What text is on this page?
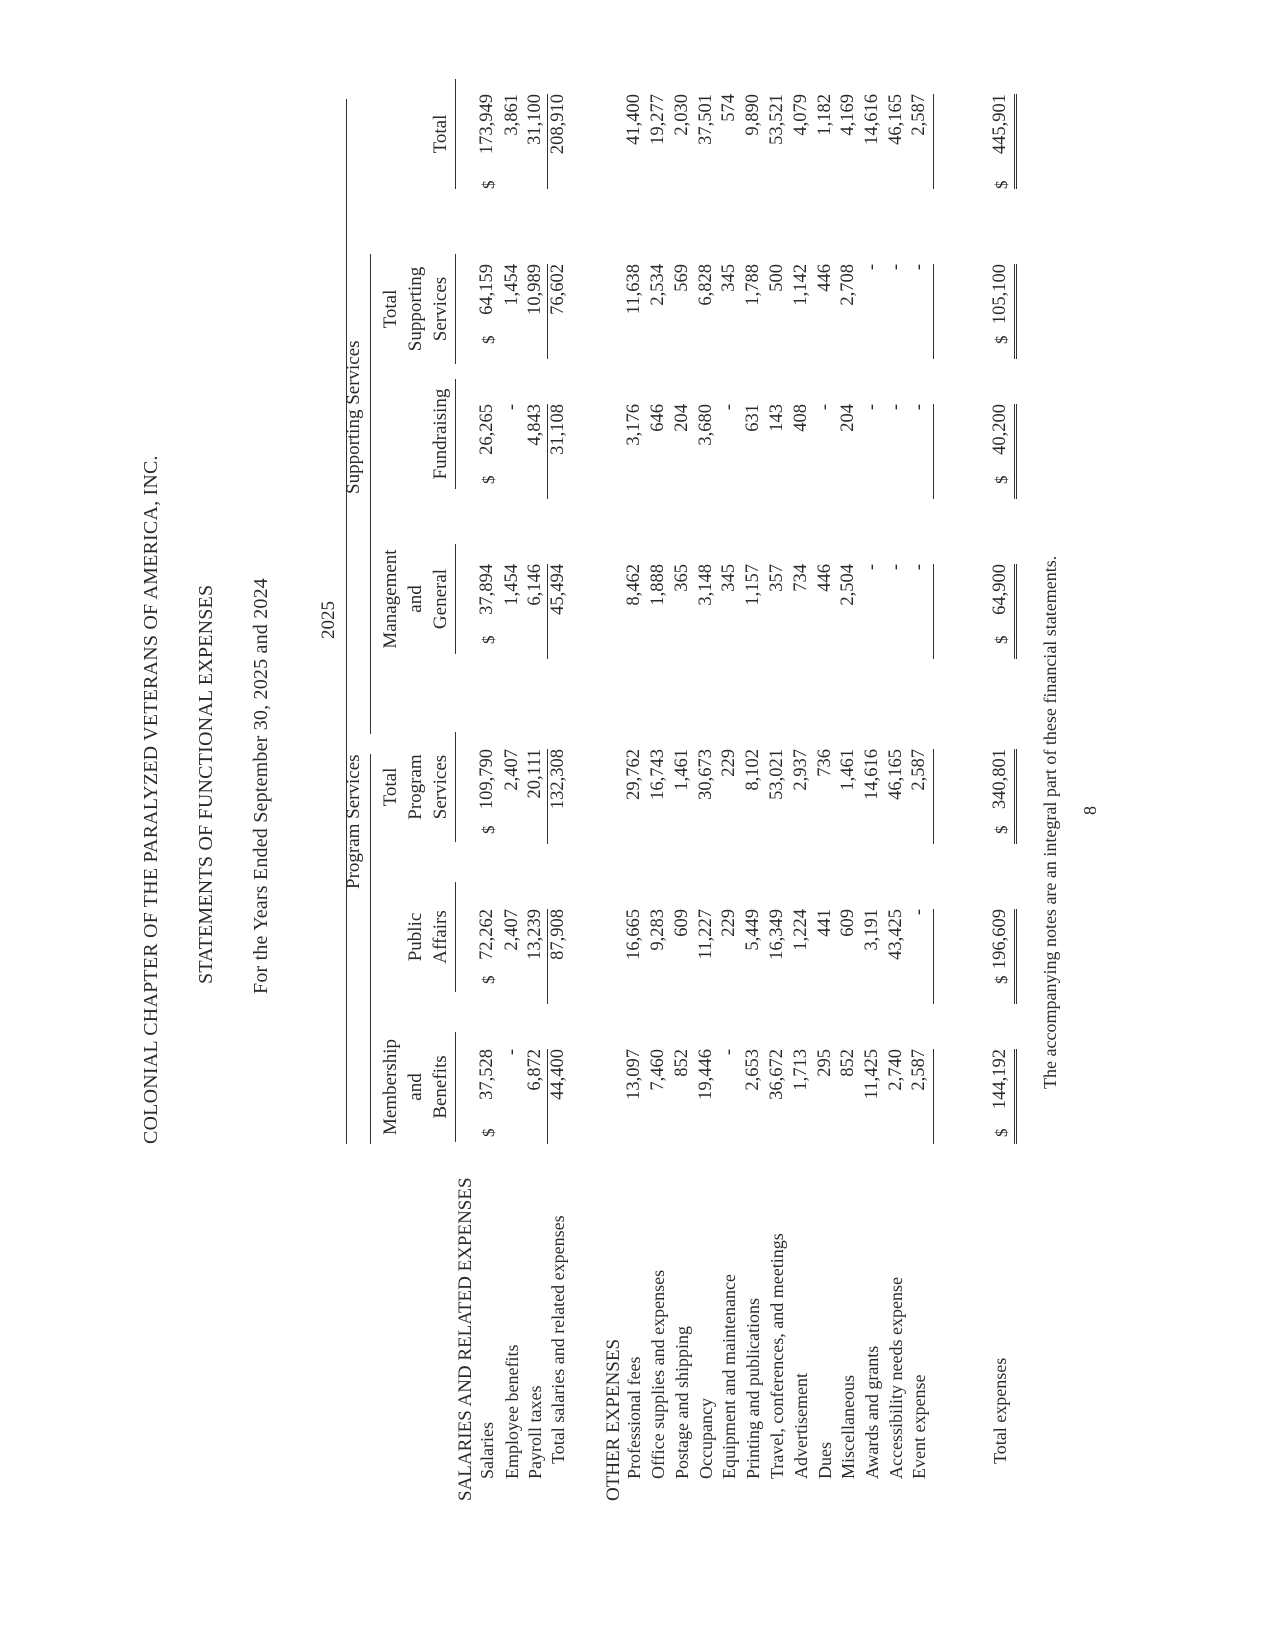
COLONIAL CHAPTER OF THE PARALYZED VETERANS OF AMERICA, INC. STATEMENTS OF FUNCTIONAL EXPENSES For the Years Ended September 30, 2025 and 2024 2025
Program Services
Supporting Services
SALARIES AND RELATED EXPENSES	OTHER EXPENSES
The accompanying notes are an integral part of these financial statements. 8
Membership and Benefits
Public Affairs
Total Program Services
Management and General
Fundraising
Total Supporting Services
Total
Salaries
37,528
$
72,262
$
109,790
$
37,894
$
26,265
$
64,159
$
173,949
$
Employee benefits
-
2,407
2,407
1,454
-
1,454
3,861
Payroll taxes
6,872
13,239
20,111
6,146
4,843
10,989
31,100
Total salaries and related expenses
44,400
87,908
132,308
45,494
31,108
76,602
208,910
Professional fees
13,097
16,665
29,762
8,462
3,176
11,638
41,400
Office supplies and expenses
7,460
9,283
16,743
1,888
646
2,534
19,277
Postage and shipping
852
609
1,461
365
204
569
2,030
Occupancy
19,446
11,227
30,673
3,148
3,680
6,828
37,501
Equipment and maintenance
-
229
229
345
-
345
574
Printing and publications
2,653
5,449
8,102
1,157
631
1,788
9,890
Travel, conferences, and meetings
36,672
16,349
53,021
357
143
500
53,521
Advertisement
1,713
1,224
2,937
734
408
1,142
4,079
Dues
295
441
736
446
-
446
1,182
Miscellaneous
852
609
1,461
2,504
204
2,708
4,169
Awards and grants
11,425
3,191
14,616
-
-
-
14,616
Accessibility needs expense
2,740
43,425
46,165
-
-
-
46,165
Event expense
2,587
-
2,587
-
-
-
2,587
Total expenses
144,192
$
196,609
$
340,801
$
64,900
$
40,200
$
105,100
$
445,901
$
